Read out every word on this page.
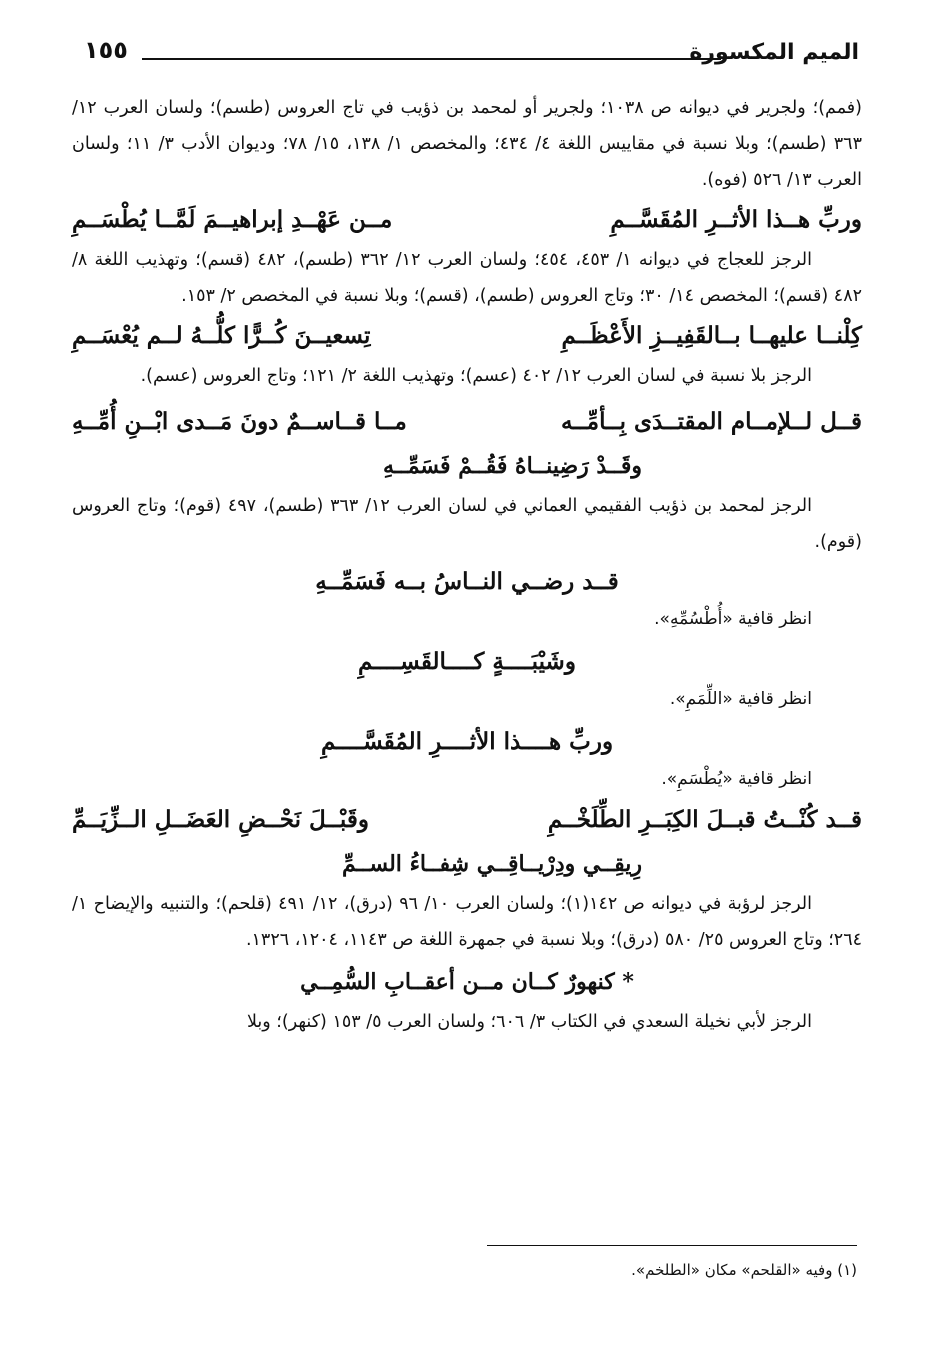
الميم المكسورة
١٥٥

(فمم)؛ ولجرير في ديوانه ص ١٠٣٨؛ ولجرير أو لمحمد بن ذؤيب في تاج العروس (طسم)؛ ولسان العرب ١٢/ ٣٦٣ (طسم)؛ وبلا نسبة في مقاييس اللغة ٤/ ٤٣٤؛ والمخصص ١/ ١٣٨، ١٥/ ٧٨؛ وديوان الأدب ٣/ ١١؛ ولسان العرب ١٣/ ٥٢٦ (فوه).

وربِّ هــذا الأثــرِ المُقَسَّــمِ
مــن عَهْــدِ إبراهيــمَ لَمَّــا يُطْسَــمِ

الرجز للعجاج في ديوانه ١/ ٤٥٣، ٤٥٤؛ ولسان العرب ١٢/ ٣٦٢ (طسم)، ٤٨٢ (قسم)؛ وتهذيب اللغة ٨/ ٤٨٢ (قسم)؛ المخصص ١٤/ ٣٠؛ وتاج العروس (طسم)، (قسم)؛ وبلا نسبة في المخصص ٢/ ١٥٣.

كِلْنــا عليهــا بــالقَفِيــزِ الأَعْظَــمِ
تِسعيــنَ كُــرًّا كلُّــهُ لــم يُعْسَــمِ

الرجز بلا نسبة في لسان العرب ١٢/ ٤٠٢ (عسم)؛ وتهذيب اللغة ٢/ ١٢١؛ وتاج العروس (عسم).

قــل لــلإمــام المقتــدَى بِــأمِّــه
مــا قــاســمٌ دونَ مَــدى ابْــنِ أُمِّــهِ
وقَــدْ رَضِينــاهُ فَقُــمْ فَسَمِّــهِ

الرجز لمحمد بن ذؤيب الفقيمي العماني في لسان العرب ١٢/ ٣٦٣ (طسم)، ٤٩٧ (قوم)؛ وتاج العروس (قوم).

قــد رضــي النــاسُ بــه فَسَمِّــهِ
انظر قافية «أُطْسُمِّهِ».
وشَيْبَــــةٍ كــــالقَسِــــمِ
انظر قافية «اللِّمَمِ».
وربِّ هــــذا الأثــــرِ المُقَسَّــــمِ
انظر قافية «يُطْسَمِ».
قــد كُنْــتُ قبــلَ الكِبَــرِ الطِّلَخْــمِ
وقَبْــلَ نَحْــضِ العَضَــلِ الــزِّيَــمِّ
رِيقِــي ودِرْيــاقِــي شِفــاءُ الســمِّ

الرجز لرؤبة في ديوانه ص ١٤٢(١)؛ ولسان العرب ١٠/ ٩٦ (درق)، ١٢/ ٤٩١ (قلحم)؛ والتنبيه والإيضاح ١/ ٢٦٤؛ وتاج العروس ٢٥/ ٥٨٠ (درق)؛ وبلا نسبة في جمهرة اللغة ص ١١٤٣، ١٢٠٤، ١٣٢٦.

* كنهورٌ كــان مــن أعقــابِ السُّمِــي

الرجز لأبي نخيلة السعدي في الكتاب ٣/ ٦٠٦؛ ولسان العرب ٥/ ١٥٣ (كنهر)؛ وبلا

(١) وفيه «القلحم» مكان «الطلخم».
